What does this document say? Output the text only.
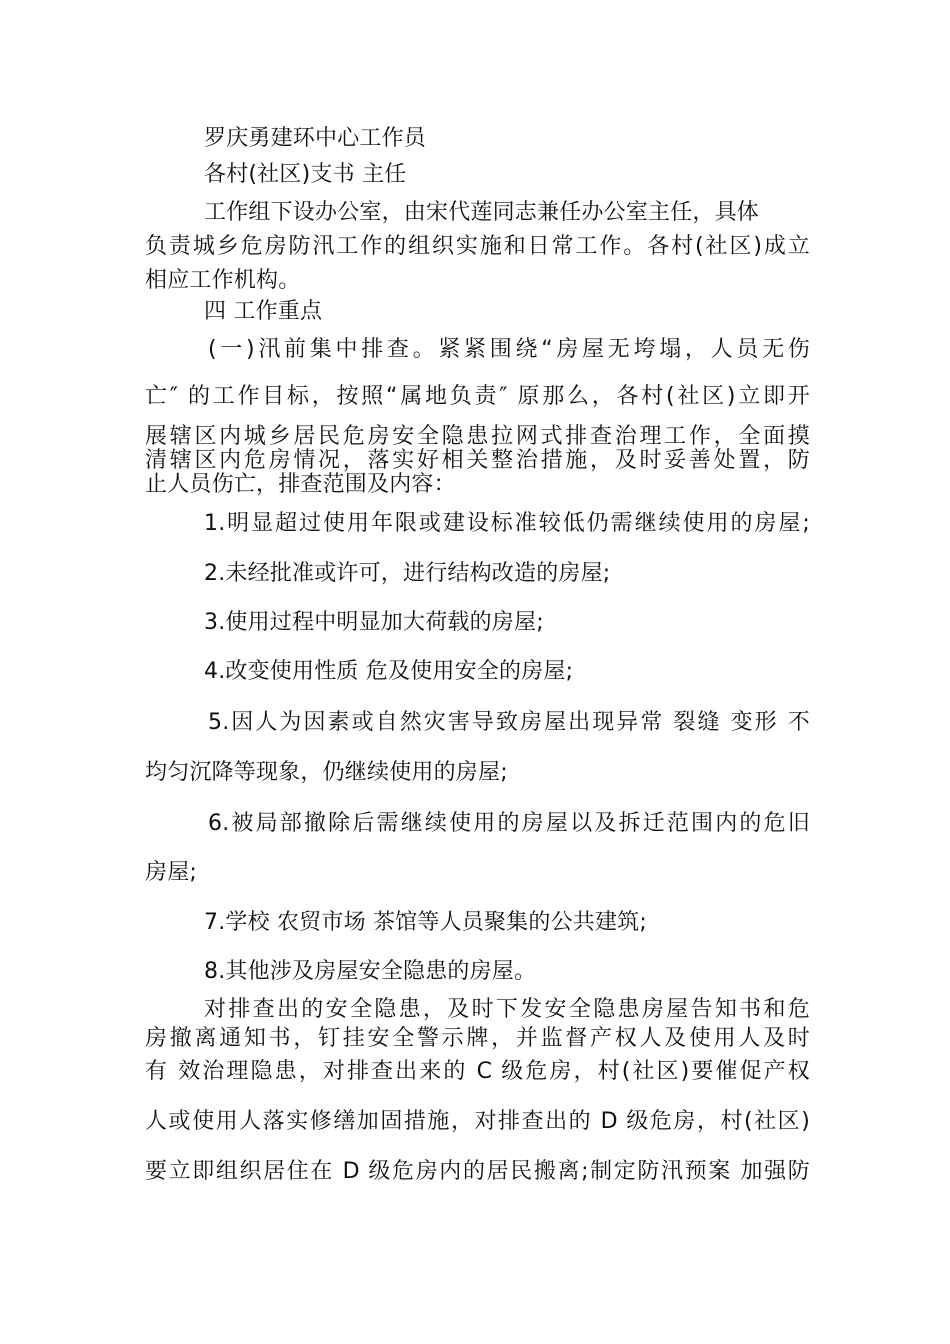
罗庆勇建环中心工作员
各村(社区)支书 主任
工作组下设办公室，由宋代莲同志兼任办公室主任，具体
负责城乡危房防汛工作的组织实施和日常工作。各村(社区)成立
相应工作机构。
四 工作重点
(一)汛前集中排查。紧紧围绕“房屋无垮塌，人员无伤
亡″ 的工作目标，按照“属地负责″ 原那么，各村(社区)立即开
展辖区内城乡居民危房安全隐患拉网式排查治理工作，全面摸
清辖区内危房情况，落实好相关整治措施，及时妥善处置，防
止人员伤亡，排查范围及内容：
1.明显超过使用年限或建设标准较低仍需继续使用的房屋;
2.未经批准或许可，进行结构改造的房屋;
3.使用过程中明显加大荷载的房屋;
4.改变使用性质 危及使用安全的房屋;
5.因人为因素或自然灾害导致房屋出现异常 裂缝 变形 不
均匀沉降等现象，仍继续使用的房屋;
6.被局部撤除后需继续使用的房屋以及拆迁范围内的危旧
房屋;
7.学校 农贸市场 茶馆等人员聚集的公共建筑;
8.其他涉及房屋安全隐患的房屋。
对排查出的安全隐患，及时下发安全隐患房屋告知书和危
房撤离通知书，钉挂安全警示牌，并监督产权人及使用人及时
有 效治理隐患，对排查出来的 C 级危房，村(社区)要催促产权
人或使用人落实修缮加固措施，对排查出的 D 级危房，村(社区)
要立即组织居住在 D 级危房内的居民搬离;制定防汛预案 加强防
